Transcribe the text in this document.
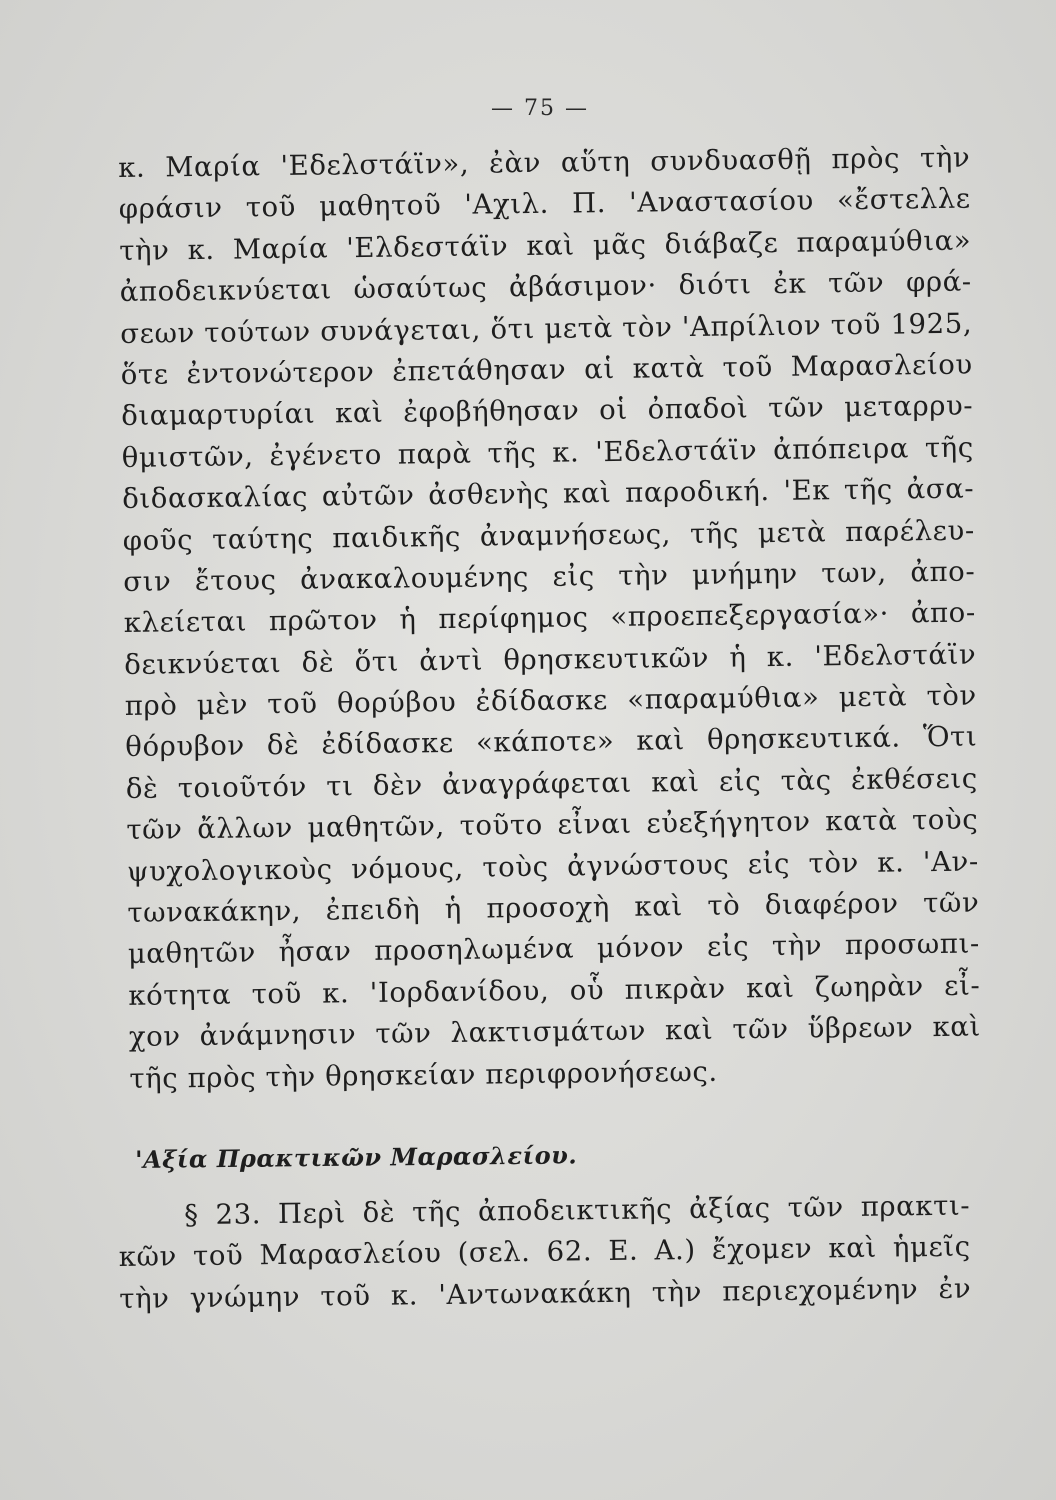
— 75 —
κ. Μαρία 'Εδελστάϊν», ἐὰν αὕτη συνδυασθῇ πρὸς τὴν
φράσιν τοῦ μαθητοῦ 'Αχιλ. Π. 'Αναστασίου «ἔστελλε
τὴν κ. Μαρία 'Ελδεστάϊν καὶ μᾶς διάβαζε παραμύθια»
ἀποδεικνύεται ὡσαύτως ἀβάσιμον· διότι ἐκ τῶν φρά-
σεων τούτων συνάγεται, ὅτι μετὰ τὸν 'Απρίλιον τοῦ 1925,
ὅτε ἐντονώτερον ἐπετάθησαν αἱ κατὰ τοῦ Μαρασλείου
διαμαρτυρίαι καὶ ἐφοβήθησαν οἱ ὀπαδοὶ τῶν μεταρρυ-
θμιστῶν, ἐγένετο παρὰ τῆς κ. 'Εδελστάϊν ἀπόπειρα τῆς
διδασκαλίας αὐτῶν ἀσθενὴς καὶ παροδική. 'Εκ τῆς ἀσα-
φοῦς ταύτης παιδικῆς ἀναμνήσεως, τῆς μετὰ παρέλευ-
σιν ἔτους ἀνακαλουμένης εἰς τὴν μνήμην των, ἀπο-
κλείεται πρῶτον ἡ περίφημος «προεπεξεργασία»· ἀπο-
δεικνύεται δὲ ὅτι ἀντὶ θρησκευτικῶν ἡ κ. 'Εδελστάϊν
πρὸ μὲν τοῦ θορύβου ἐδίδασκε «παραμύθια» μετὰ τὸν
θόρυβον δὲ ἐδίδασκε «κάποτε» καὶ θρησκευτικά. Ὅτι
δὲ τοιοῦτόν τι δὲν ἀναγράφεται καὶ εἰς τὰς ἐκθέσεις
τῶν ἄλλων μαθητῶν, τοῦτο εἶναι εὐεξήγητον κατὰ τοὺς
ψυχολογικοὺς νόμους, τοὺς ἀγνώστους εἰς τὸν κ. 'Αν-
τωνακάκην, ἐπειδὴ ἡ προσοχὴ καὶ τὸ διαφέρον τῶν
μαθητῶν ἦσαν προσηλωμένα μόνον εἰς τὴν προσωπι-
κότητα τοῦ κ. 'Ιορδανίδου, οὗ πικρὰν καὶ ζωηρὰν εἶ-
χον ἀνάμνησιν τῶν λακτισμάτων καὶ τῶν ὕβρεων καὶ
τῆς πρὸς τὴν θρησκείαν περιφρονήσεως.
'Αξία Πρακτικῶν Μαρασλείου.
§ 23. Περὶ δὲ τῆς ἀποδεικτικῆς ἀξίας τῶν πρακτι-
κῶν τοῦ Μαρασλείου (σελ. 62. Ε. Α.) ἔχομεν καὶ ἡμεῖς
τὴν γνώμην τοῦ κ. 'Αντωνακάκη τὴν περιεχομένην ἐν
